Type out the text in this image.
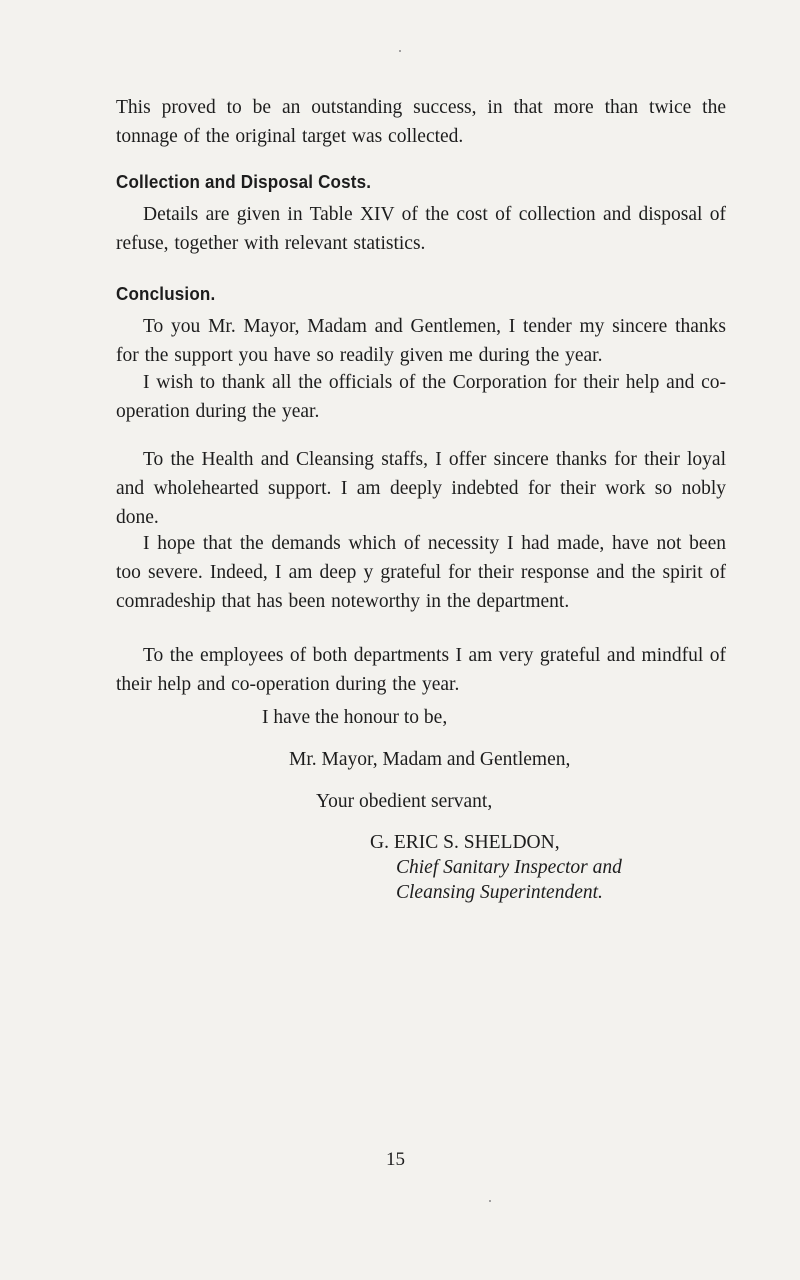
This proved to be an outstanding success, in that more than twice the tonnage of the original target was collected.

Collection and Disposal Costs.

Details are given in Table XIV of the cost of collection and disposal of refuse, together with relevant statistics.

Conclusion.

To you Mr. Mayor, Madam and Gentlemen, I tender my sincere thanks for the support you have so readily given me during the year.

I wish to thank all the officials of the Corporation for their help and co-operation during the year.

To the Health and Cleansing staffs, I offer sincere thanks for their loyal and wholehearted support. I am deeply indebted for their work so nobly done.

I hope that the demands which of necessity I had made, have not been too severe. Indeed, I am deep y grateful for their response and the spirit of comradeship that has been noteworthy in the department.

To the employees of both departments I am very grateful and mindful of their help and co-operation during the year.

I have the honour to be,

Mr. Mayor, Madam and Gentlemen,

Your obedient servant,

G. ERIC S. SHELDON,

Chief Sanitary Inspector and

Cleansing Superintendent.

15
